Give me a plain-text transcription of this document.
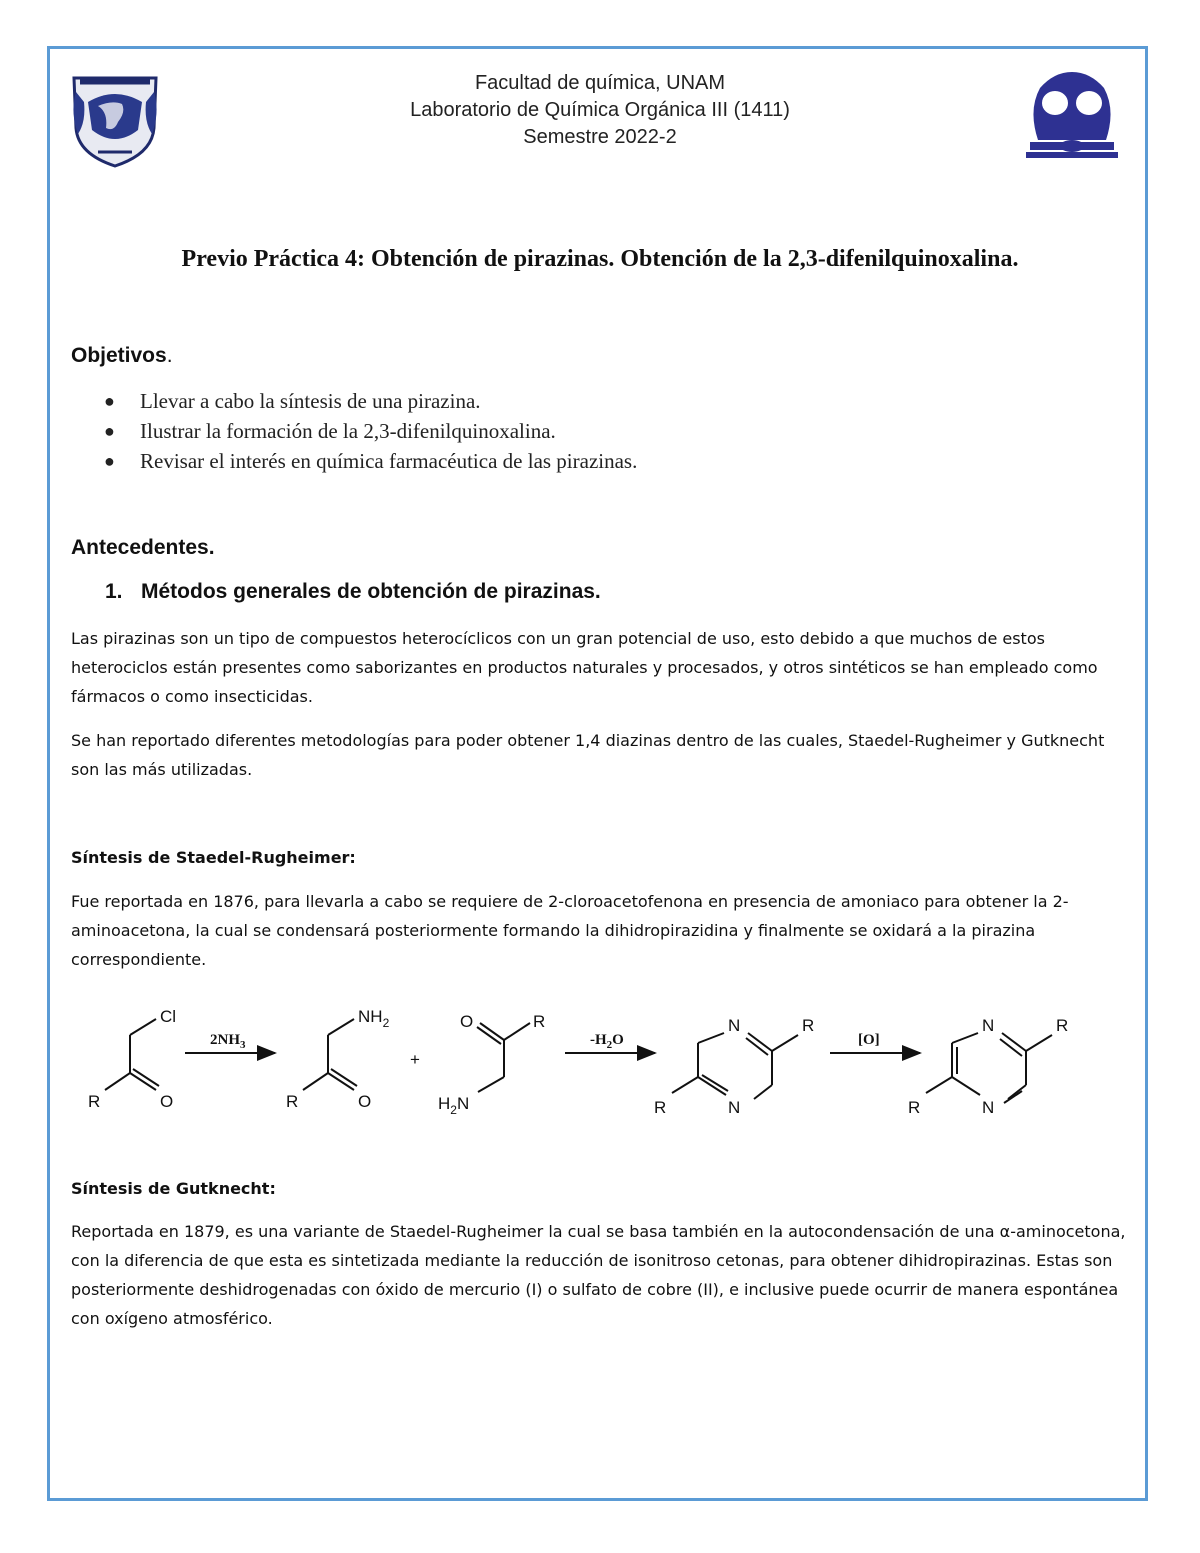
Facultad de química, UNAM
Laboratorio de Química Orgánica III (1411)
Semestre 2022-2
Previo Práctica 4: Obtención de pirazinas. Obtención de la 2,3-difenilquinoxalina.
Objetivos.
● Llevar a cabo la síntesis de una pirazina.
● Ilustrar la formación de la 2,3-difenilquinoxalina.
● Revisar el interés en química farmacéutica de las pirazinas.
Antecedentes.
1. Métodos generales de obtención de pirazinas.

Las pirazinas son un tipo de compuestos heterocíclicos con un gran potencial de uso, esto debido a que muchos de estos heterociclos están presentes como saborizantes en productos naturales y procesados, y otros sintéticos se han empleado como fármacos o como insecticidas.

Se han reportado diferentes metodologías para poder obtener 1,4 diazinas dentro de las cuales, Staedel-Rugheimer y Gutknecht son las más utilizadas.

Síntesis de Staedel-Rugheimer:

Fue reportada en 1876, para llevarla a cabo se requiere de 2-cloroacetofenona en presencia de amoniaco para obtener la 2-aminoacetona, la cual se condensará posteriormente formando la dihidropirazidina y finalmente se oxidará a la pirazina correspondiente.

Cl
R	O
$2NH_3$
$NH_2$
R	O
+
O	R
$H_2N$
$-H_2O$
N
N
R
R
[O]
N
N
R
R
Síntesis de Gutknecht:

Reportada en 1879, es una variante de Staedel-Rugheimer la cual se basa también en la autocondensación de una α-aminocetona, con la diferencia de que esta es sintetizada mediante la reducción de isonitroso cetonas, para obtener dihidropirazinas. Estas son posteriormente deshidrogenadas con óxido de mercurio (I) o sulfato de cobre (II), e inclusive puede ocurrir de manera espontánea con oxígeno atmosférico.
